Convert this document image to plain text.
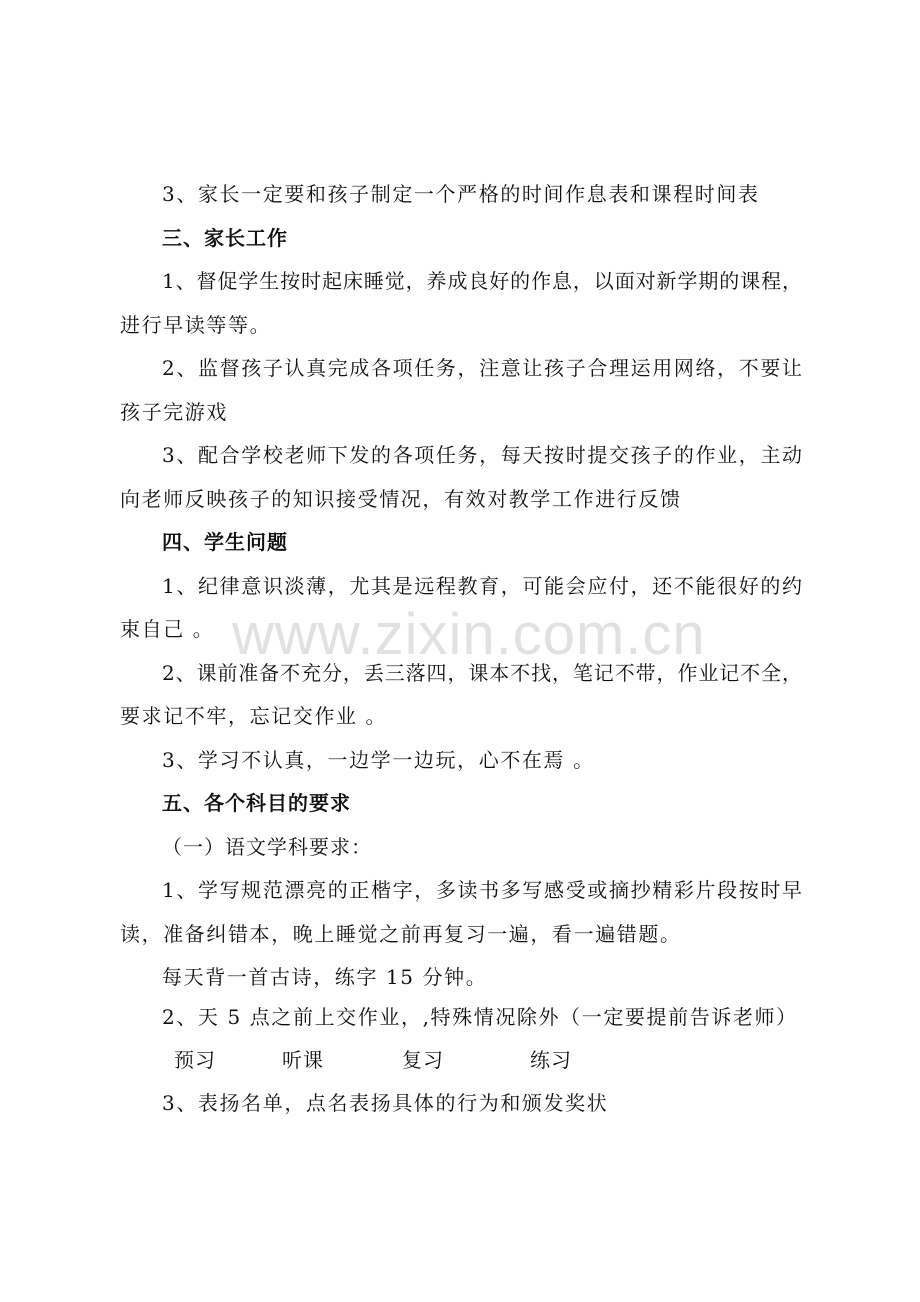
www.zixin.com.cn
3、家长一定要和孩子制定一个严格的时间作息表和课程时间表
三、家长工作
1、督促学生按时起床睡觉，养成良好的作息，以面对新学期的课程，
进行早读等等。
2、监督孩子认真完成各项任务，注意让孩子合理运用网络，不要让
孩子完游戏
3、配合学校老师下发的各项任务，每天按时提交孩子的作业，主动
向老师反映孩子的知识接受情况，有效对教学工作进行反馈
四、学生问题
1、纪律意识淡薄，尤其是远程教育，可能会应付，还不能很好的约
束自己 。
2、课前准备不充分，丢三落四，课本不找，笔记不带，作业记不全，
要求记不牢，忘记交作业 。
3、学习不认真，一边学一边玩，心不在焉 。
五、各个科目的要求
（一）语文学科要求：
1、学写规范漂亮的正楷字，多读书多写感受或摘抄精彩片段按时早
读，准备纠错本，晚上睡觉之前再复习一遍，看一遍错题。
每天背一首古诗，练字 15 分钟。
2、天 5 点之前上交作业，,特殊情况除外（一定要提前告诉老师）
预习	听课	复习	练习
3、表扬名单，点名表扬具体的行为和颁发奖状
